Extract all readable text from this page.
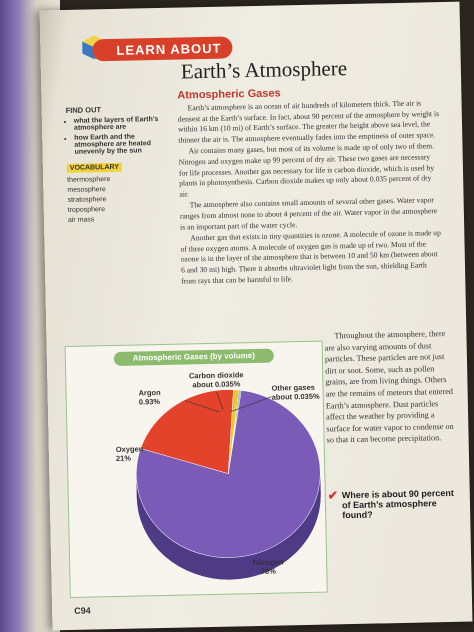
LEARN ABOUT
Earth’s Atmosphere
FIND OUT
• what the layers of Earth’s atmosphere are
• how Earth and the atmosphere are heated unevenly by the sun
VOCABULARY
thermosphere
mesosphere
stratosphere
troposphere
air mass
Atmospheric Gases

Earth’s atmosphere is an ocean of air hundreds of kilometers thick. The air is densest at the Earth’s surface. In fact, about 90 percent of the atmosphere by weight is within 16 km (10 mi) of Earth’s surface. The greater the height above sea level, the thinner the air is. The atmosphere eventually fades into the emptiness of outer space.

Air contains many gases, but most of its volume is made up of only two of them. Nitrogen and oxygen make up 99 percent of dry air. These two gases are necessary for life processes. Another gas necessary for life is carbon dioxide, which is used by plants in photosynthesis. Carbon dioxide makes up only about 0.035 percent of dry air.

The atmosphere also contains small amounts of several other gases. Water vapor ranges from almost none to about 4 percent of the air. Water vapor in the atmosphere is an important part of the water cycle.

Another gas that exists in tiny quantities is ozone. A molecule of ozone is made up of three oxygen atoms. A molecule of oxygen gas is made up of two. Most of the ozone is in the layer of the atmosphere that is between 10 and 50 km (between about 6 and 30 mi) high. There it absorbs ultraviolet light from the sun, shielding Earth from rays that can be harmful to life.

Nitrogen
78%
Oxygen
21%
Argon
0.93%
Carbon dioxide
about 0.035%	Other gases
about 0.035%
Atmospheric Gases (by volume)

Throughout the atmosphere, there are also varying amounts of dust particles. These particles are not just dirt or soot. Some, such as pollen grains, are from living things. Others are the remains of meteors that entered Earth’s atmosphere. Dust particles affect the weather by providing a surface for water vapor to condense on so that it can become precipitation.

✔ Where is about 90 percent of Earth’s atmosphere found?
C94
